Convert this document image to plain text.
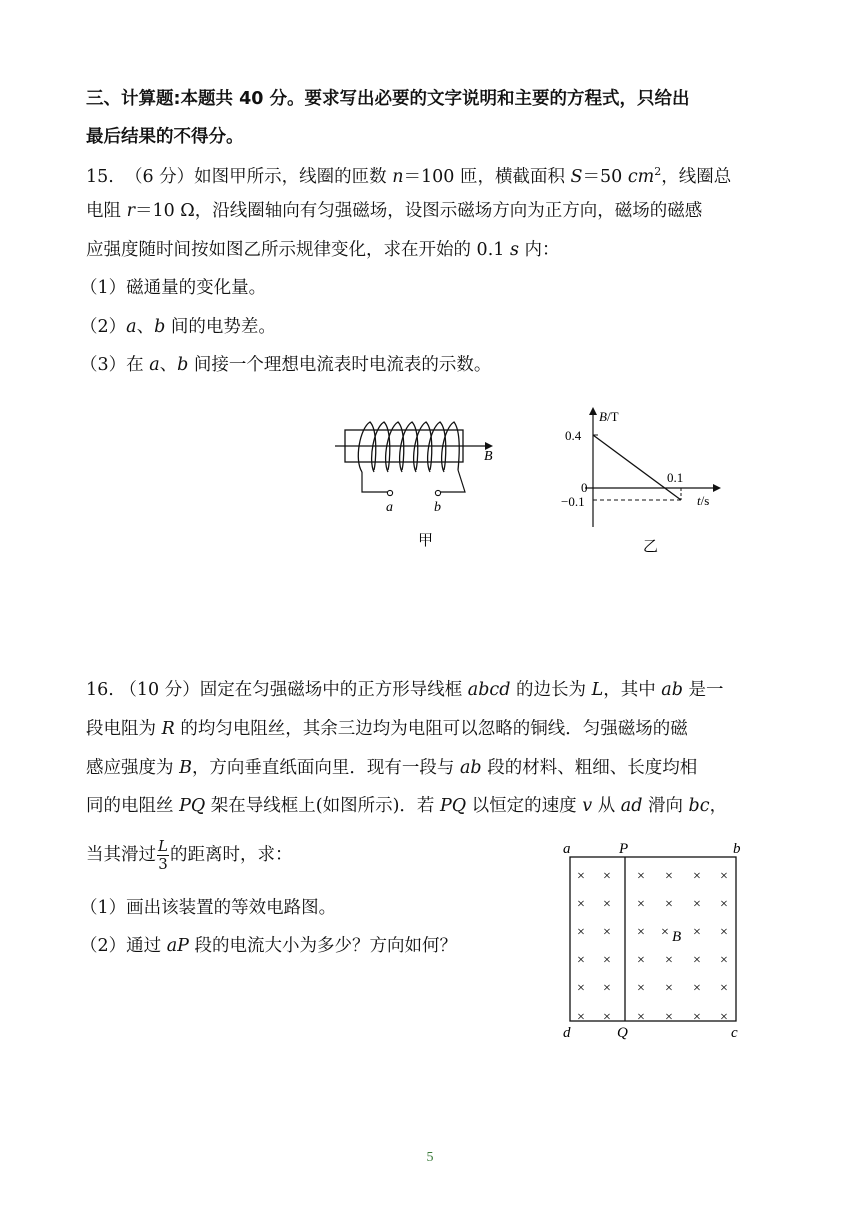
三、计算题:本题共 40 分。要求写出必要的文字说明和主要的方程式，只给出
最后结果的不得分。
15.  （6 分）如图甲所示，线圈的匝数 n＝100 匝，横截面积 S＝50 $cm^2$，线圈总
电阻 r＝10 Ω，沿线圈轴向有匀强磁场，设图示磁场方向为正方向，磁场的磁感
应强度随时间按如图乙所示规律变化，求在开始的 0.1 s 内：
（1）磁通量的变化量。
（2）a、b 间的电势差。
（3）在 a、b 间接一个理想电流表时电流表的示数。
B
a	b
甲
B/T
0.4
0
−0.1
0.1
t/s
乙
16. （10 分）固定在匀强磁场中的正方形导线框 abcd 的边长为 L，其中 ab 是一
段电阻为 R 的均匀电阻丝，其余三边均为电阻可以忽略的铜线．匀强磁场的磁
感应强度为 B，方向垂直纸面向里．现有一段与 ab 段的材料、粗细、长度均相
同的电阻丝 PQ 架在导线框上(如图所示)．若 PQ 以恒定的速度 v 从 ad 滑向 bc，
当其滑过 $\frac{L}{3}$ 的距离时，求：
（1）画出该装置的等效电路图。
（2）通过 aP 段的电流大小为多少？方向如何？
× × × × × ×
× × × × × ×
× × ×	× ×
× × × × × ×
× × × × × ×
× × × × × ×
×
a	P	b
d	Q	c
B
5
